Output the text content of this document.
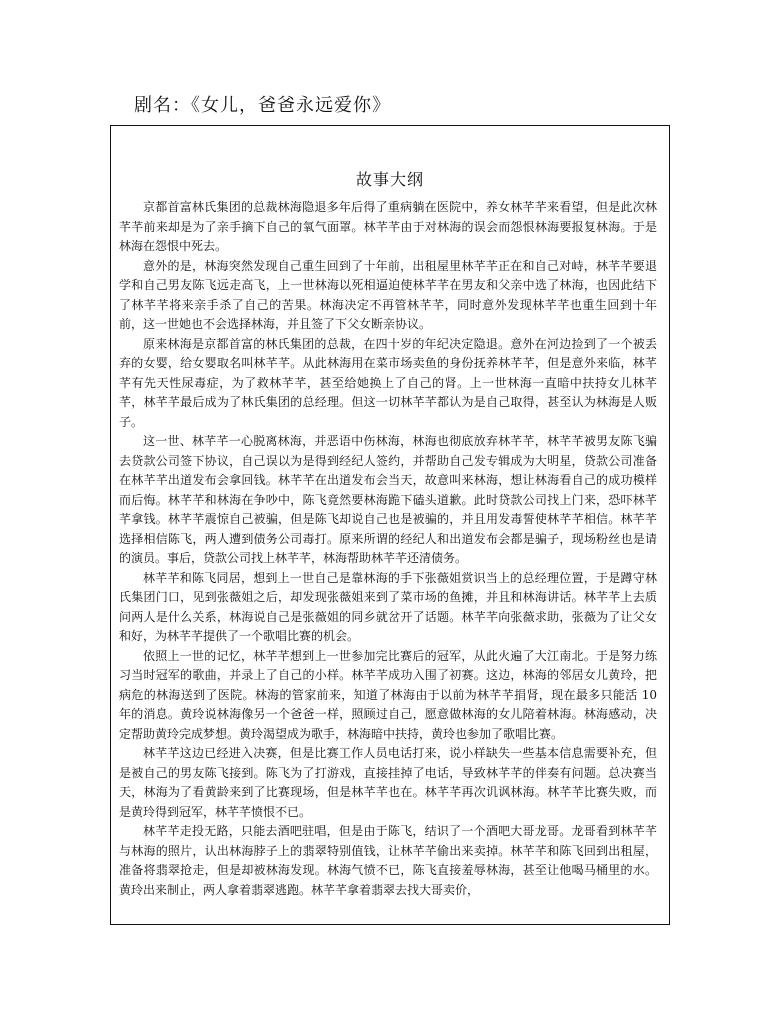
剧名：《女儿，爸爸永远爱你》
故事大纲

京都首富林氏集团的总裁林海隐退多年后得了重病躺在医院中，养女林芊芊来看望，但是此次林芊芊前来却是为了亲手摘下自己的氧气面罩。林芊芊由于对林海的误会而怨恨林海要报复林海。于是林海在怨恨中死去。

意外的是，林海突然发现自己重生回到了十年前，出租屋里林芊芊正在和自己对峙，林芊芊要退学和自己男友陈飞远走高飞，上一世林海以死相逼迫使林芊芊在男友和父亲中选了林海，也因此结下了林芊芊将来亲手杀了自己的苦果。林海决定不再管林芊芊，同时意外发现林芊芊也重生回到十年前，这一世她也不会选择林海，并且签了下父女断亲协议。

原来林海是京都首富的林氏集团的总裁，在四十岁的年纪决定隐退。意外在河边捡到了一个被丢弃的女婴，给女婴取名叫林芊芊。从此林海用在菜市场卖鱼的身份抚养林芊芊，但是意外来临，林芊芊有先天性尿毒症，为了救林芊芊，甚至给她换上了自己的肾。上一世林海一直暗中扶持女儿林芊芊，林芊芊最后成为了林氏集团的总经理。但这一切林芊芊都认为是自己取得，甚至认为林海是人贩子。

这一世、林芊芊一心脱离林海，并恶语中伤林海，林海也彻底放弃林芊芊，林芊芊被男友陈飞骗去贷款公司签下协议，自己误以为是得到经纪人签约，并帮助自己发专辑成为大明星，贷款公司准备在林芊芊出道发布会拿回钱。林芊芊在出道发布会当天，故意叫来林海，想让林海看自己的成功模样而后悔。林芊芊和林海在争吵中，陈飞竟然要林海跪下磕头道歉。此时贷款公司找上门来，恐吓林芊芊拿钱。林芊芊震惊自己被骗，但是陈飞却说自己也是被骗的，并且用发毒誓使林芊芊相信。林芊芊选择相信陈飞，两人遭到债务公司毒打。原来所谓的经纪人和出道发布会都是骗子，现场粉丝也是请的演员。事后，贷款公司找上林芊芊，林海帮助林芊芊还清债务。

林芊芊和陈飞同居，想到上一世自己是靠林海的手下张薇姐赏识当上的总经理位置，于是蹲守林氏集团门口，见到张薇姐之后，却发现张薇姐来到了菜市场的鱼摊，并且和林海讲话。林芊芊上去质问两人是什么关系，林海说自己是张薇姐的同乡就岔开了话题。林芊芊向张薇求助，张薇为了让父女和好，为林芊芊提供了一个歌唱比赛的机会。

依照上一世的记忆，林芊芊想到上一世参加完比赛后的冠军，从此火遍了大江南北。于是努力练习当时冠军的歌曲，并录上了自己的小样。林芊芊成功入围了初赛。这边，林海的邻居女儿黄玲，把病危的林海送到了医院。林海的管家前来，知道了林海由于以前为林芊芊捐肾，现在最多只能活 10 年的消息。黄玲说林海像另一个爸爸一样，照顾过自己，愿意做林海的女儿陪着林海。林海感动，决定帮助黄玲完成梦想。黄玲渴望成为歌手，林海暗中扶持，黄玲也参加了歌唱比赛。

林芊芊这边已经进入决赛，但是比赛工作人员电话打来，说小样缺失一些基本信息需要补充，但是被自己的男友陈飞接到。陈飞为了打游戏，直接挂掉了电话，导致林芊芊的伴奏有问题。总决赛当天，林海为了看黄龄来到了比赛现场，但是林芊芊也在。林芊芊再次讥讽林海。林芊芊比赛失败，而是黄玲得到冠军，林芊芊愤恨不已。

林芊芊走投无路，只能去酒吧驻唱，但是由于陈飞，结识了一个酒吧大哥龙哥。龙哥看到林芊芊与林海的照片，认出林海脖子上的翡翠特别值钱，让林芊芊偷出来卖掉。林芊芊和陈飞回到出租屋，准备将翡翠抢走，但是却被林海发现。林海气愤不已，陈飞直接羞辱林海，甚至让他喝马桶里的水。黄玲出来制止，两人拿着翡翠逃跑。林芊芊拿着翡翠去找大哥卖价，
